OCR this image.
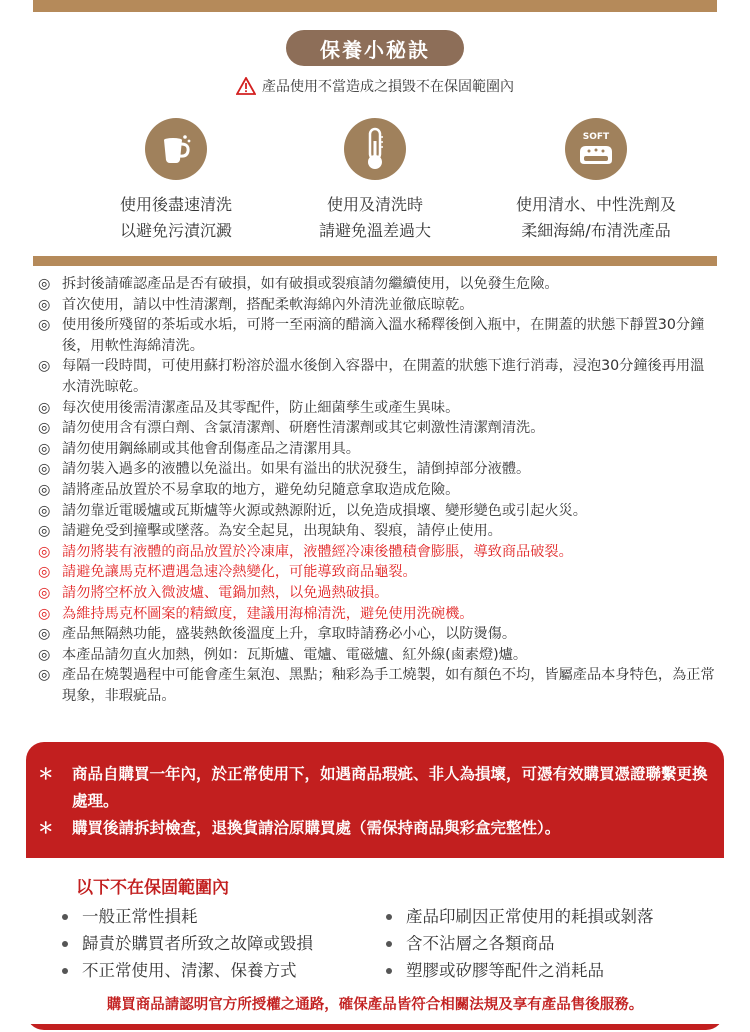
保養小秘訣
產品使用不當造成之損毀不在保固範圍內
使用後盡速清洗
以避免污漬沉澱
使用及清洗時
請避免溫差過大
SOFT
使用清水、中性洗劑及
柔細海綿/布清洗產品
◎ 拆封後請確認產品是否有破損，如有破損或裂痕請勿繼續使用，以免發生危險。
◎ 首次使用，請以中性清潔劑，搭配柔軟海綿內外清洗並徹底晾乾。
◎ 使用後所殘留的茶垢或水垢，可將一至兩滴的醋滴入溫水稀釋後倒入瓶中，在開蓋的狀態下靜置30分鐘後，用軟性海綿清洗。
◎ 每隔一段時間，可使用蘇打粉溶於溫水後倒入容器中，在開蓋的狀態下進行消毒，浸泡30分鐘後再用溫水清洗晾乾。
◎ 每次使用後需清潔產品及其零配件，防止細菌孳生或產生異味。
◎ 請勿使用含有漂白劑、含氯清潔劑、研磨性清潔劑或其它刺激性清潔劑清洗。
◎ 請勿使用鋼絲刷或其他會刮傷產品之清潔用具。
◎ 請勿裝入過多的液體以免溢出。如果有溢出的狀況發生，請倒掉部分液體。
◎ 請將產品放置於不易拿取的地方，避免幼兒隨意拿取造成危險。
◎ 請勿靠近電暖爐或瓦斯爐等火源或熱源附近，以免造成損壞、變形變色或引起火災。
◎ 請避免受到撞擊或墜落。為安全起見，出現缺角、裂痕，請停止使用。
◎ 請勿將裝有液體的商品放置於冷凍庫，液體經冷凍後體積會膨脹，導致商品破裂。
◎ 請避免讓馬克杯遭遇急速冷熱變化，可能導致商品龜裂。
◎ 請勿將空杯放入微波爐、電鍋加熱，以免過熱破損。
◎ 為維持馬克杯圖案的精緻度，建議用海棉清洗，避免使用洗碗機。
◎ 產品無隔熱功能，盛裝熱飲後溫度上升，拿取時請務必小心，以防燙傷。
◎ 本產品請勿直火加熱，例如：瓦斯爐、電爐、電磁爐、紅外線(鹵素燈)爐。
◎ 產品在燒製過程中可能會產生氣泡、黑點；釉彩為手工燒製，如有顏色不均，皆屬產品本身特色，為正常現象，非瑕疵品。
＊	商品自購買一年內，於正常使用下，如遇商品瑕疵、非人為損壞，可憑有效購買憑證聯繫更換處理。
＊	購買後請拆封檢查，退換貨請洽原購買處（需保持商品與彩盒完整性）。
以下不在保固範圍內
一般正常性損耗
歸責於購買者所致之故障或毀損
不正常使用、清潔、保養方式
產品印刷因正常使用的耗損或剝落
含不沾層之各類商品
塑膠或矽膠等配件之消耗品
購買商品請認明官方所授權之通路，確保產品皆符合相關法規及享有產品售後服務。
